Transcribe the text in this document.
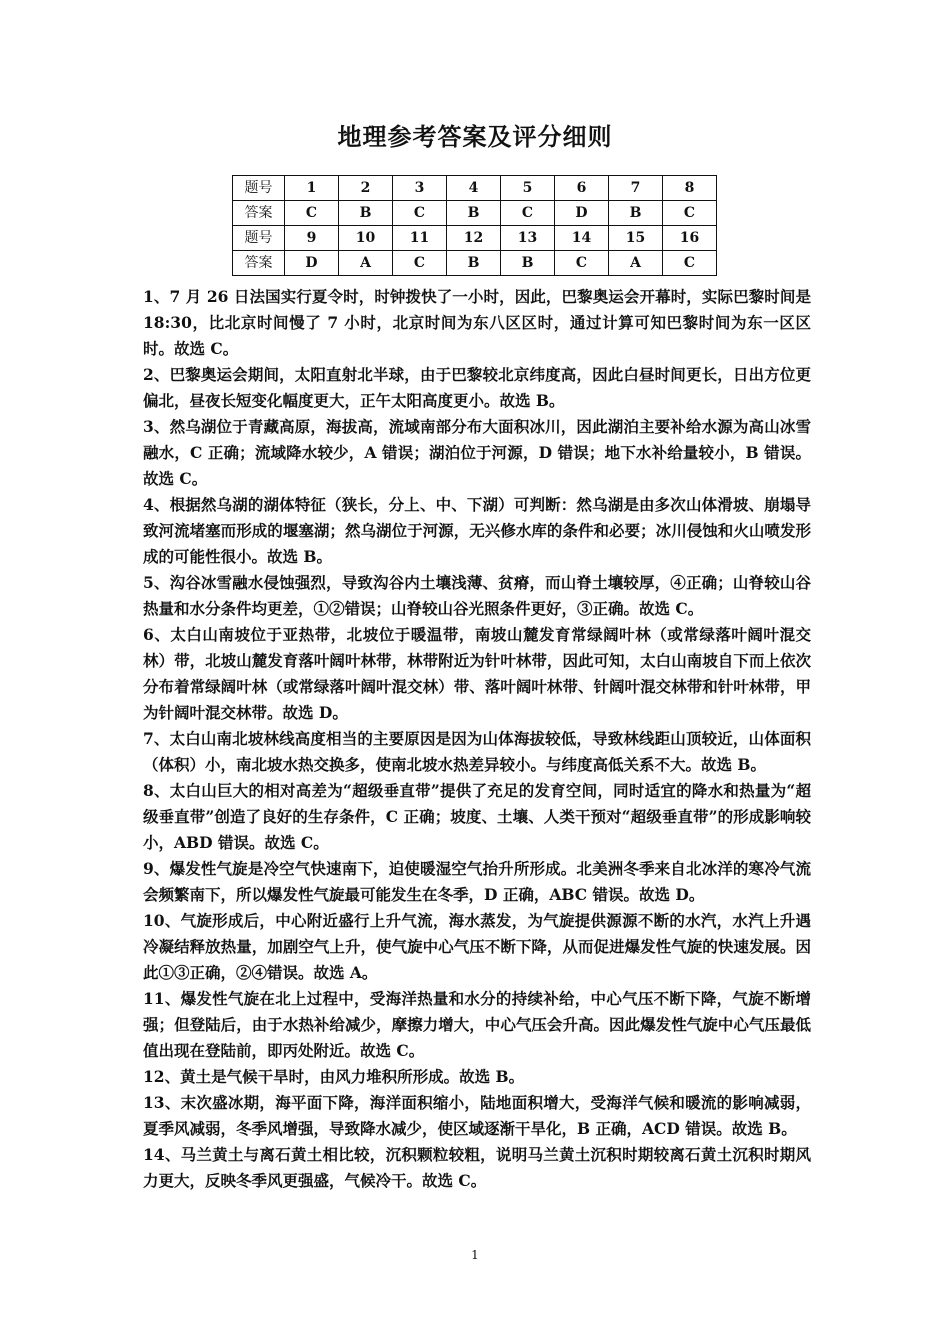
地理参考答案及评分细则
题号	1	2	3	4	5	6	7	8
答案	C	B	C	B	C	D	B	C
题号	9	10	11	12	13	14	15	16
答案	D	A	C	B	B	C	A	C

1、7 月 26 日法国实行夏令时，时钟拨快了一小时，因此，巴黎奥运会开幕时，实际巴黎时间是 18:30，比北京时间慢了 7 小时，北京时间为东八区区时，通过计算可知巴黎时间为东一区区时。故选 C。

2、巴黎奥运会期间，太阳直射北半球，由于巴黎较北京纬度高，因此白昼时间更长，日出方位更偏北，昼夜长短变化幅度更大，正午太阳高度更小。故选 B。

3、然乌湖位于青藏高原，海拔高，流域南部分布大面积冰川，因此湖泊主要补给水源为高山冰雪融水，C 正确；流域降水较少，A 错误；湖泊位于河源，D 错误；地下水补给量较小，B 错误。故选 C。

4、根据然乌湖的湖体特征（狭长，分上、中、下湖）可判断：然乌湖是由多次山体滑坡、崩塌导致河流堵塞而形成的堰塞湖；然乌湖位于河源，无兴修水库的条件和必要；冰川侵蚀和火山喷发形成的可能性很小。故选 B。

5、沟谷冰雪融水侵蚀强烈，导致沟谷内土壤浅薄、贫瘠，而山脊土壤较厚，④正确；山脊较山谷热量和水分条件均更差，①②错误；山脊较山谷光照条件更好，③正确。故选 C。

6、太白山南坡位于亚热带，北坡位于暖温带，南坡山麓发育常绿阔叶林（或常绿落叶阔叶混交林）带，北坡山麓发育落叶阔叶林带，林带附近为针叶林带，因此可知，太白山南坡自下而上依次分布着常绿阔叶林（或常绿落叶阔叶混交林）带、落叶阔叶林带、针阔叶混交林带和针叶林带，甲为针阔叶混交林带。故选 D。

7、太白山南北坡林线高度相当的主要原因是因为山体海拔较低，导致林线距山顶较近，山体面积（体积）小，南北坡水热交换多，使南北坡水热差异较小。与纬度高低关系不大。故选 B。

8、太白山巨大的相对高差为“超级垂直带”提供了充足的发育空间，同时适宜的降水和热量为“超级垂直带”创造了良好的生存条件，C 正确；坡度、土壤、人类干预对“超级垂直带”的形成影响较小，ABD 错误。故选 C。

9、爆发性气旋是冷空气快速南下，迫使暖湿空气抬升所形成。北美洲冬季来自北冰洋的寒冷气流会频繁南下，所以爆发性气旋最可能发生在冬季，D 正确，ABC 错误。故选 D。

10、气旋形成后，中心附近盛行上升气流，海水蒸发，为气旋提供源源不断的水汽，水汽上升遇冷凝结释放热量，加剧空气上升，使气旋中心气压不断下降，从而促进爆发性气旋的快速发展。因此①③正确，②④错误。故选 A。

11、爆发性气旋在北上过程中，受海洋热量和水分的持续补给，中心气压不断下降，气旋不断增强；但登陆后，由于水热补给减少，摩擦力增大，中心气压会升高。因此爆发性气旋中心气压最低值出现在登陆前，即丙处附近。故选 C。

12、黄土是气候干旱时，由风力堆积所形成。故选 B。

13、末次盛冰期，海平面下降，海洋面积缩小，陆地面积增大，受海洋气候和暖流的影响减弱，夏季风减弱，冬季风增强，导致降水减少，使区域逐渐干旱化，B 正确，ACD 错误。故选 B。

14、马兰黄土与离石黄土相比较，沉积颗粒较粗，说明马兰黄土沉积时期较离石黄土沉积时期风力更大，反映冬季风更强盛，气候冷干。故选 C。

1
